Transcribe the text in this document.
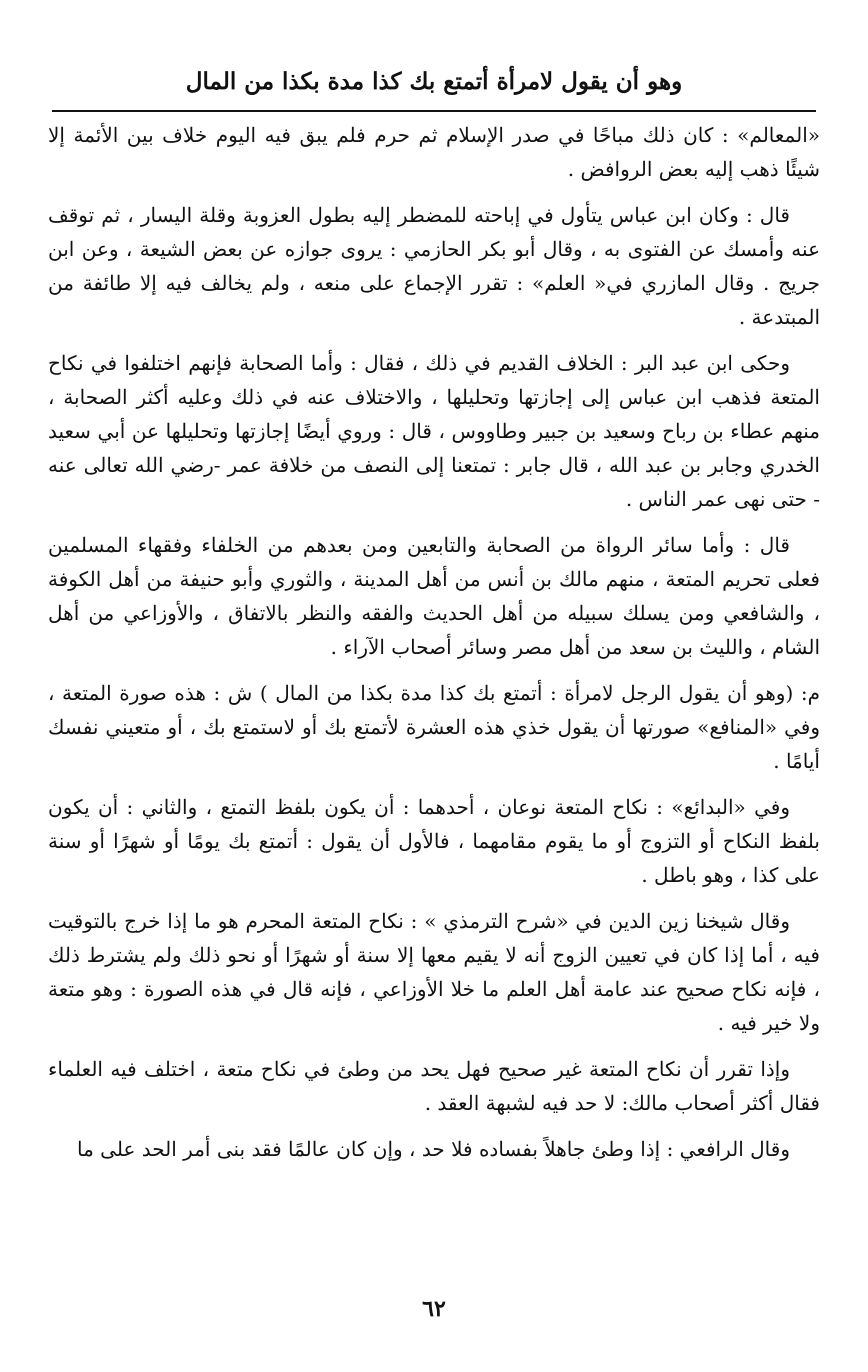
وهو أن يقول لامرأة أتمتع بك كذا مدة بكذا من المال

«المعالم» : كان ذلك مباحًا في صدر الإسلام ثم حرم فلم يبق فيه اليوم خلاف بين الأئمة إلا شيئًا ذهب إليه بعض الروافض .

قال : وكان ابن عباس يتأول في إباحته للمضطر إليه بطول العزوبة وقلة اليسار ، ثم توقف عنه وأمسك عن الفتوى به ، وقال أبو بكر الحازمي : يروى جوازه عن بعض الشيعة ، وعن ابن جريج . وقال المازري في« العلم» : تقرر الإجماع على منعه ، ولم يخالف فيه إلا طائفة من المبتدعة .

وحكى ابن عبد البر : الخلاف القديم في ذلك ، فقال : وأما الصحابة فإنهم اختلفوا في نكاح المتعة فذهب ابن عباس إلى إجازتها وتحليلها ، والاختلاف عنه في ذلك وعليه أكثر الصحابة ، منهم عطاء بن رباح وسعيد بن جبير وطاووس ، قال : وروي أيضًا إجازتها وتحليلها عن أبي سعيد الخدري وجابر بن عبد الله ، قال جابر : تمتعنا إلى النصف من خلافة عمر -رضي الله تعالى عنه - حتى نهى عمر الناس .

قال : وأما سائر الرواة من الصحابة والتابعين ومن بعدهم من الخلفاء وفقهاء المسلمين فعلى تحريم المتعة ، منهم مالك بن أنس من أهل المدينة ، والثوري وأبو حنيفة من أهل الكوفة ، والشافعي ومن يسلك سبيله من أهل الحديث والفقه والنظر بالاتفاق ، والأوزاعي من أهل الشام ، والليث بن سعد من أهل مصر وسائر أصحاب الآراء .

م: (وهو أن يقول الرجل لامرأة : أتمتع بك كذا مدة بكذا من المال ) ش : هذه صورة المتعة ، وفي «المنافع» صورتها أن يقول خذي هذه العشرة لأتمتع بك أو لاستمتع بك ، أو متعيني نفسك أيامًا .

وفي «البدائع» : نكاح المتعة نوعان ، أحدهما : أن يكون بلفظ التمتع ، والثاني : أن يكون بلفظ النكاح أو التزوج أو ما يقوم مقامهما ، فالأول أن يقول : أتمتع بك يومًا أو شهرًا أو سنة على كذا ، وهو باطل .

وقال شيخنا زين الدين في «شرح الترمذي » : نكاح المتعة المحرم هو ما إذا خرج بالتوقيت فيه ، أما إذا كان في تعيين الزوج أنه لا يقيم معها إلا سنة أو شهرًا أو نحو ذلك ولم يشترط ذلك ، فإنه نكاح صحيح عند عامة أهل العلم ما خلا الأوزاعي ، فإنه قال في هذه الصورة : وهو متعة ولا خير فيه .

وإذا تقرر أن نكاح المتعة غير صحيح فهل يحد من وطئ في نكاح متعة ، اختلف فيه العلماء فقال أكثر أصحاب مالك: لا حد فيه لشبهة العقد .

وقال الرافعي : إذا وطئ جاهلاً بفساده فلا حد ، وإن كان عالمًا فقد بنى أمر الحد على ما

٦٢
